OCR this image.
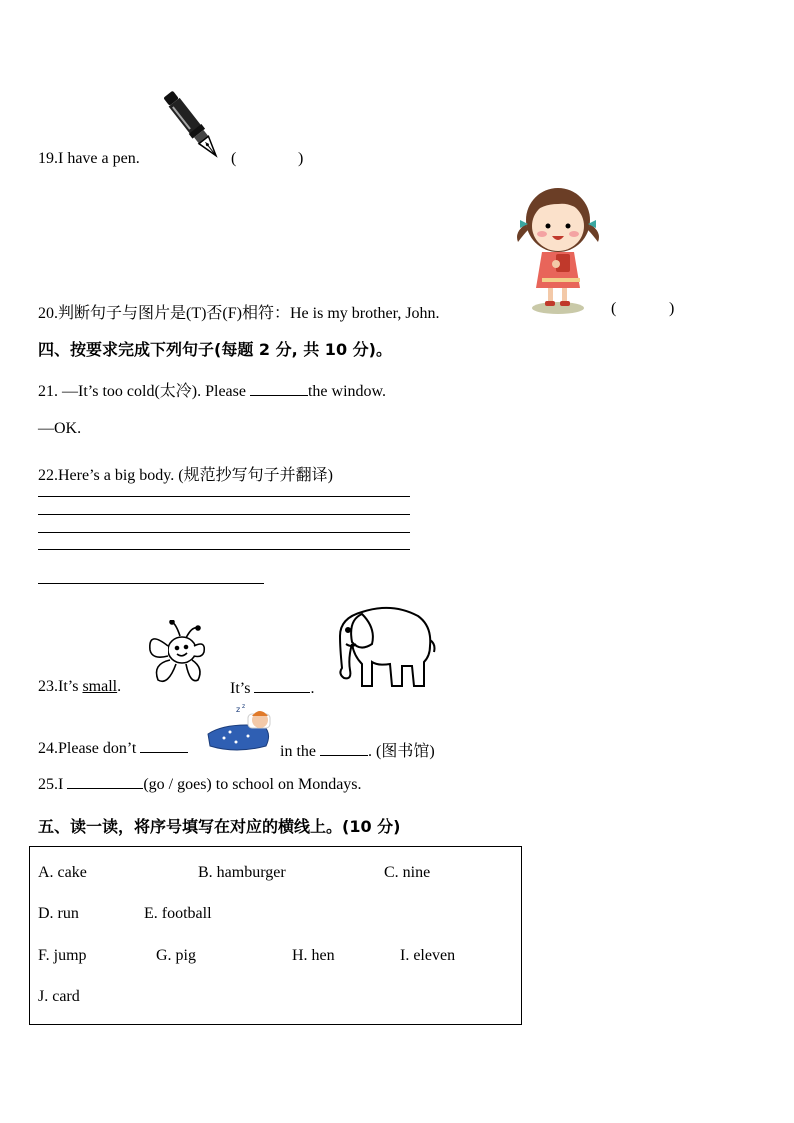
19.I have a pen.	(	)
20.判断句子与图片是(T)否(F)相符：He is my brother, John.	(	)
四、按要求完成下列句子(每题 2 分, 共 10 分)。
21. —It’s too cold(太冷). Please	the window.
—OK.
22.Here’s a big body. (规范抄写句子并翻译)
23.It’s small.	It’s	.
24.Please don’t
z z
in the	. (图书馆)
25.I	(go / goes) to school on Mondays.
五、读一读，将序号填写在对应的横线上。(10 分)
A. cake	B. hamburger	C. nine
D. run	E. football
F. jump	G. pig	H. hen	I. eleven
J. card
